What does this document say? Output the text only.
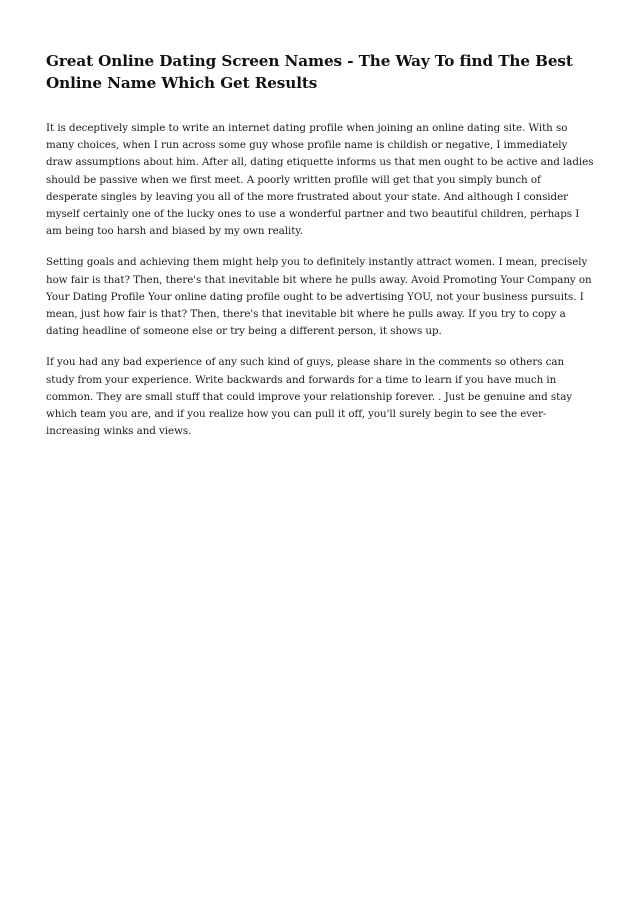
Great Online Dating Screen Names - The Way To find The Best Online Name Which Get Results

It is deceptively simple to write an internet dating profile when joining an online dating site. With so many choices, when I run across some guy whose profile name is childish or negative, I immediately draw assumptions about him. After all, dating etiquette informs us that men ought to be active and ladies should be passive when we first meet. A poorly written profile will get that you simply bunch of desperate singles by leaving you all of the more frustrated about your state. And although I consider myself certainly one of the lucky ones to use a wonderful partner and two beautiful children, perhaps I am being too harsh and biased by my own reality.

Setting goals and achieving them might help you to definitely instantly attract women. I mean, precisely how fair is that? Then, there's that inevitable bit where he pulls away. Avoid Promoting Your Company on Your Dating Profile Your online dating profile ought to be advertising YOU, not your business pursuits. I mean, just how fair is that? Then, there's that inevitable bit where he pulls away. If you try to copy a dating headline of someone else or try being a different person, it shows up.

If you had any bad experience of any such kind of guys, please share in the comments so others can study from your experience. Write backwards and forwards for a time to learn if you have much in common. They are small stuff that could improve your relationship forever. . Just be genuine and stay which team you are, and if you realize how you can pull it off, you'll surely begin to see the ever-increasing winks and views.
